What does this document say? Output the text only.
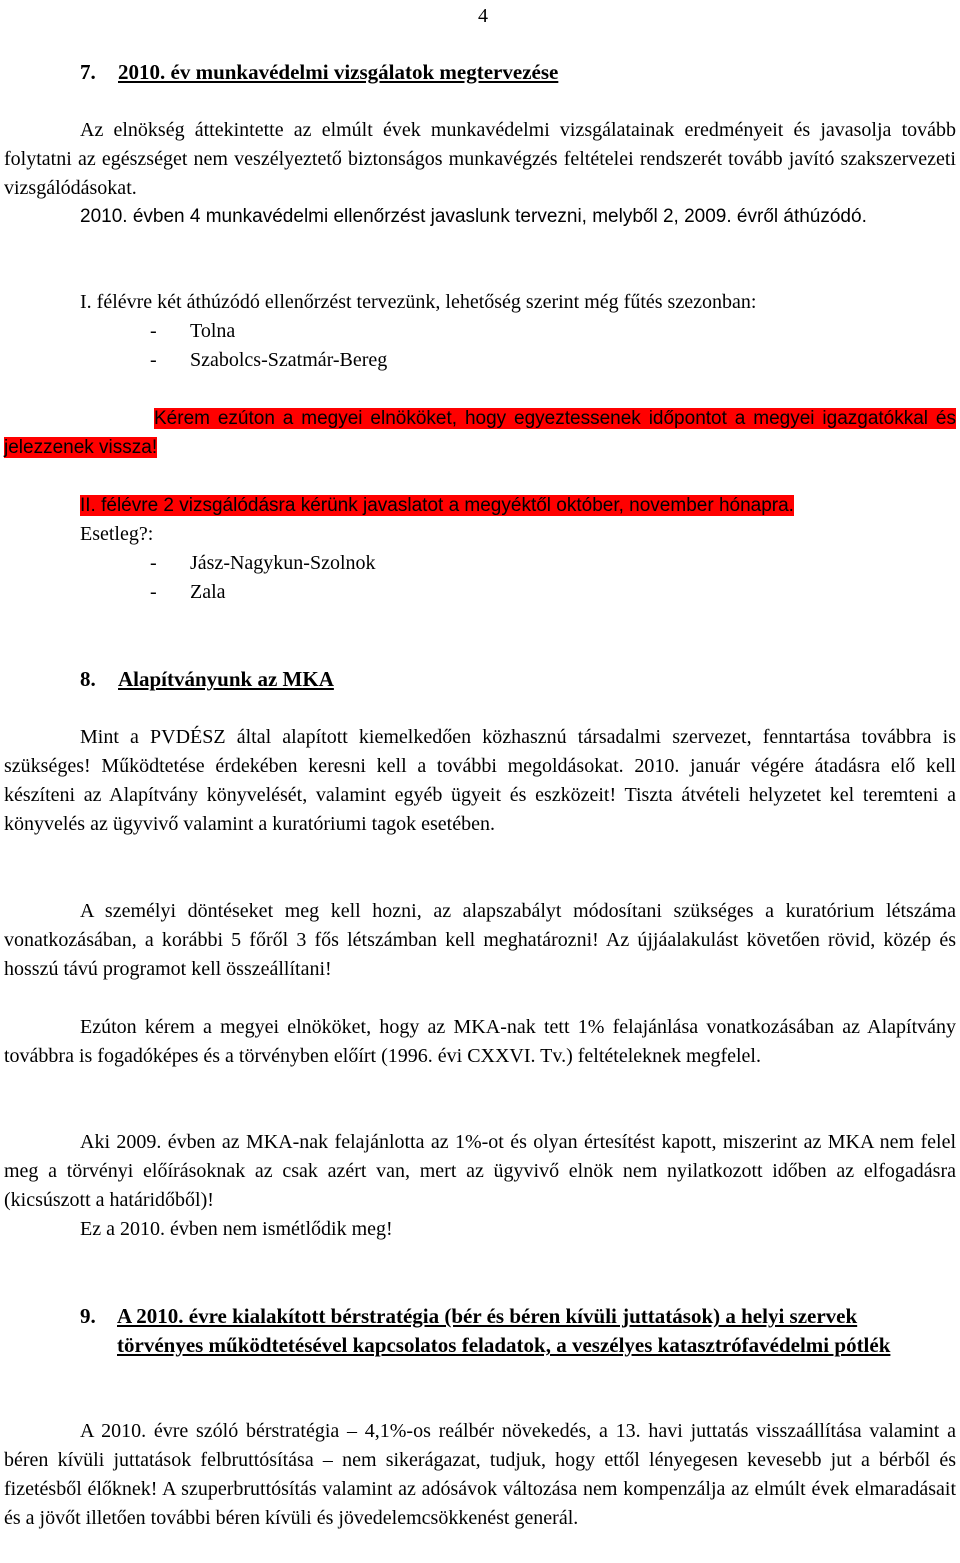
4
7. 2010. év munkavédelmi vizsgálatok megtervezése

Az elnökség áttekintette az elmúlt évek munkavédelmi vizsgálatainak eredményeit és javasolja tovább folytatni az egészséget nem veszélyeztető biztonságos munkavégzés feltételei rendszerét tovább javító szakszervezeti vizsgálódásokat.

2010. évben 4 munkavédelmi ellenőrzést javaslunk tervezni, melyből 2, 2009. évről áthúzódó.

I. félévre két áthúzódó ellenőrzést tervezünk, lehetőség szerint még fűtés szezonban:
- Tolna
- Szabolcs-Szatmár-Bereg

Kérem ezúton a megyei elnököket, hogy egyeztessenek időpontot a megyei igazgatókkal és jelezzenek vissza!

II. félévre 2 vizsgálódásra kérünk javaslatot a megyéktől október, november hónapra.
Esetleg?:
- Jász-Nagykun-Szolnok
- Zala
8. Alapítványunk az MKA

Mint a PVDÉSZ által alapított kiemelkedően közhasznú társadalmi szervezet, fenntartása továbbra is szükséges! Működtetése érdekében keresni kell a további megoldásokat. 2010. január végére átadásra elő kell készíteni az Alapítvány könyvelését, valamint egyéb ügyeit és eszközeit! Tiszta átvételi helyzetet kel teremteni a könyvelés az ügyvivő valamint a kuratóriumi tagok esetében.

A személyi döntéseket meg kell hozni, az alapszabályt módosítani szükséges a kuratórium létszáma vonatkozásában, a korábbi 5 főről 3 fős létszámban kell meghatározni! Az újjáalakulást követően rövid, közép és hosszú távú programot kell összeállítani!

Ezúton kérem a megyei elnököket, hogy az MKA-nak tett 1% felajánlása vonatkozásában az Alapítvány továbbra is fogadóképes és a törvényben előírt (1996. évi CXXVI. Tv.) feltételeknek megfelel.

Aki 2009. évben az MKA-nak felajánlotta az 1%-ot és olyan értesítést kapott, miszerint az MKA nem felel meg a törvényi előírásoknak az csak azért van, mert az ügyvivő elnök nem nyilatkozott időben az elfogadásra (kicsúszott a határidőből)!

Ez a 2010. évben nem ismétlődik meg!
9. A 2010. évre kialakított bérstratégia (bér és béren kívüli juttatások) a helyi szervek törvényes működtetésével kapcsolatos feladatok, a veszélyes katasztrófavédelmi pótlék

A 2010. évre szóló bérstratégia – 4,1%-os reálbér növekedés, a 13. havi juttatás visszaállítása valamint a béren kívüli juttatások felbruttósítása – nem sikerágazat, tudjuk, hogy ettől lényegesen kevesebb jut a bérből és fizetésből élőknek! A szuperbruttósítás valamint az adósávok változása nem kompenzálja az elmúlt évek elmaradásait és a jövőt illetően további béren kívüli és jövedelemcsökkenést generál.
